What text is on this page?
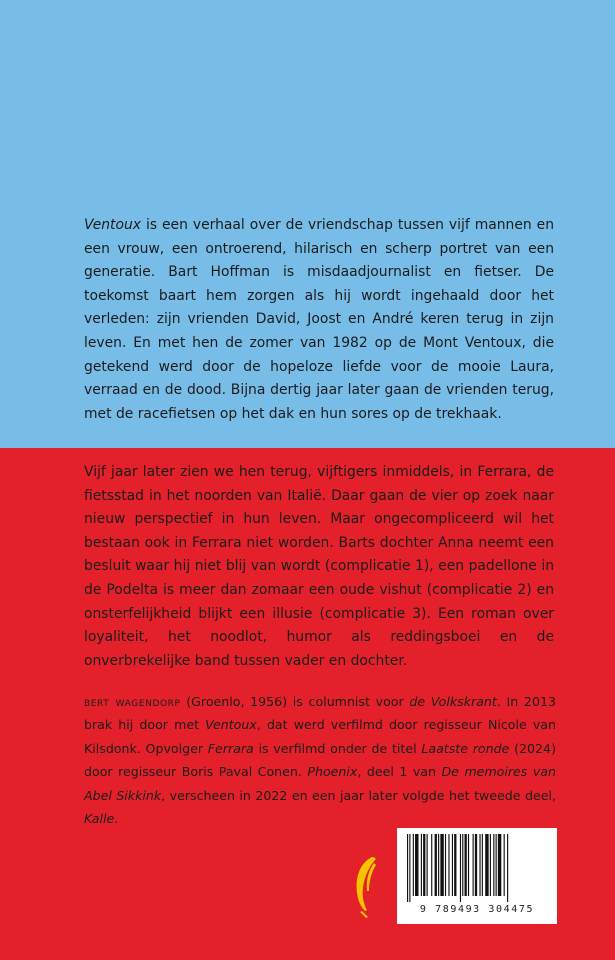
Ventoux is een verhaal over de vriendschap tussen vijf mannen en een vrouw, een ontroerend, hilarisch en scherp portret van een generatie. Bart Hoffman is misdaadjournalist en fietser. De toekomst baart hem zorgen als hij wordt ingehaald door het verleden: zijn vrienden David, Joost en André keren terug in zijn leven. En met hen de zomer van 1982 op de Mont Ventoux, die getekend werd door de hopeloze liefde voor de mooie Laura, verraad en de dood. Bijna dertig jaar later gaan de vrienden terug, met de racefietsen op het dak en hun sores op de trekhaak.

Vijf jaar later zien we hen terug, vijftigers inmiddels, in Ferrara, de fietsstad in het noorden van Italië. Daar gaan de vier op zoek naar nieuw perspectief in hun leven. Maar ongecompliceerd wil het bestaan ook in Ferrara niet worden. Barts dochter Anna neemt een besluit waar hij niet blij van wordt (complicatie 1), een padellone in de Podelta is meer dan zomaar een oude vishut (complicatie 2) en onsterfelijkheid blijkt een illusie (complicatie 3). Een roman over loyaliteit, het noodlot, humor als reddingsboei en de onverbrekelijke band tussen vader en dochter.

bert wagendorp (Groenlo, 1956) is columnist voor de Volkskrant. In 2013 brak hij door met Ventoux, dat werd verfilmd door regisseur Nicole van Kilsdonk. Opvolger Ferrara is verfilmd onder de titel Laatste ronde (2024) door regisseur Boris Paval Conen. Phoenix, deel 1 van De memoires van Abel Sikkink, verscheen in 2022 en een jaar later volgde het tweede deel, Kalle.

9 789493 304475
